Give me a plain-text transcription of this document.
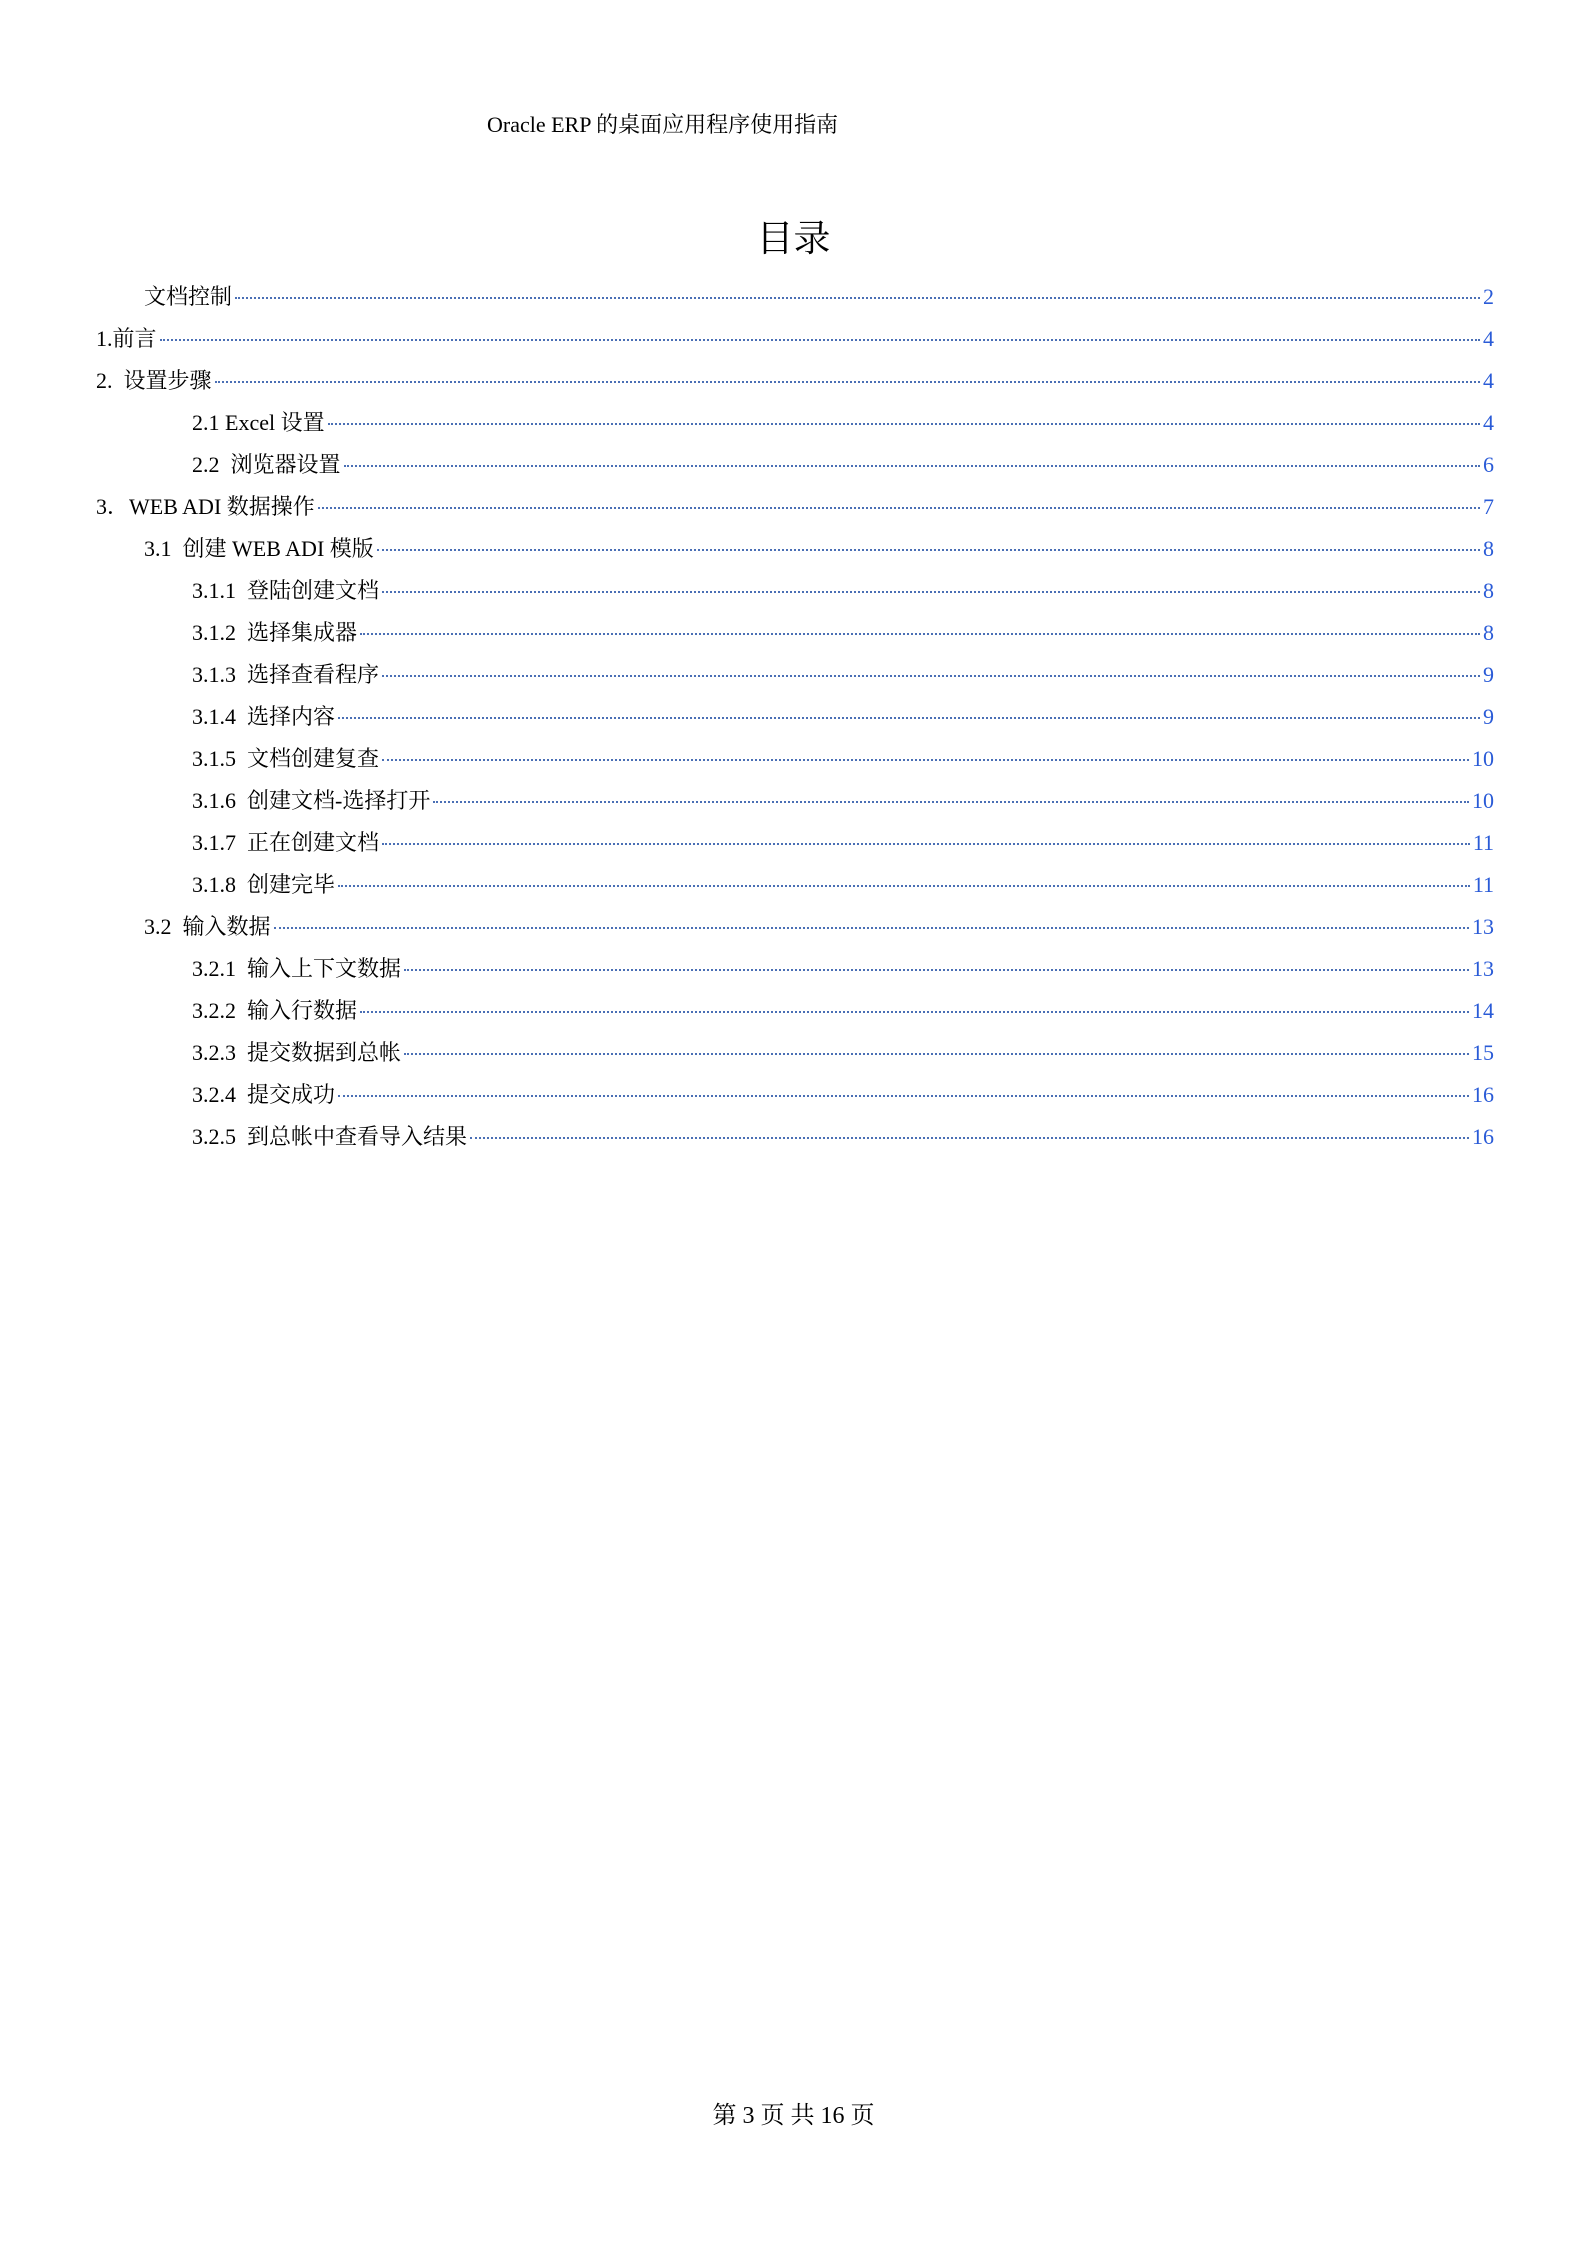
Oracle ERP 的桌面应用程序使用指南
目录
文档控制	2
1.前言	4
2.  设置步骤	4
2.1 Excel 设置	4
2.2  浏览器设置	6
3．WEB ADI 数据操作	7
3.1  创建 WEB ADI 模版	8
3.1.1  登陆创建文档	8
3.1.2  选择集成器	8
3.1.3  选择查看程序	9
3.1.4  选择内容	9
3.1.5  文档创建复查	10
3.1.6  创建文档-选择打开	10
3.1.7  正在创建文档	11
3.1.8  创建完毕	11
3.2  输入数据	13
3.2.1  输入上下文数据	13
3.2.2  输入行数据	14
3.2.3  提交数据到总帐	15
3.2.4  提交成功	16
3.2.5  到总帐中查看导入结果	16
第 3 页 共 16 页
